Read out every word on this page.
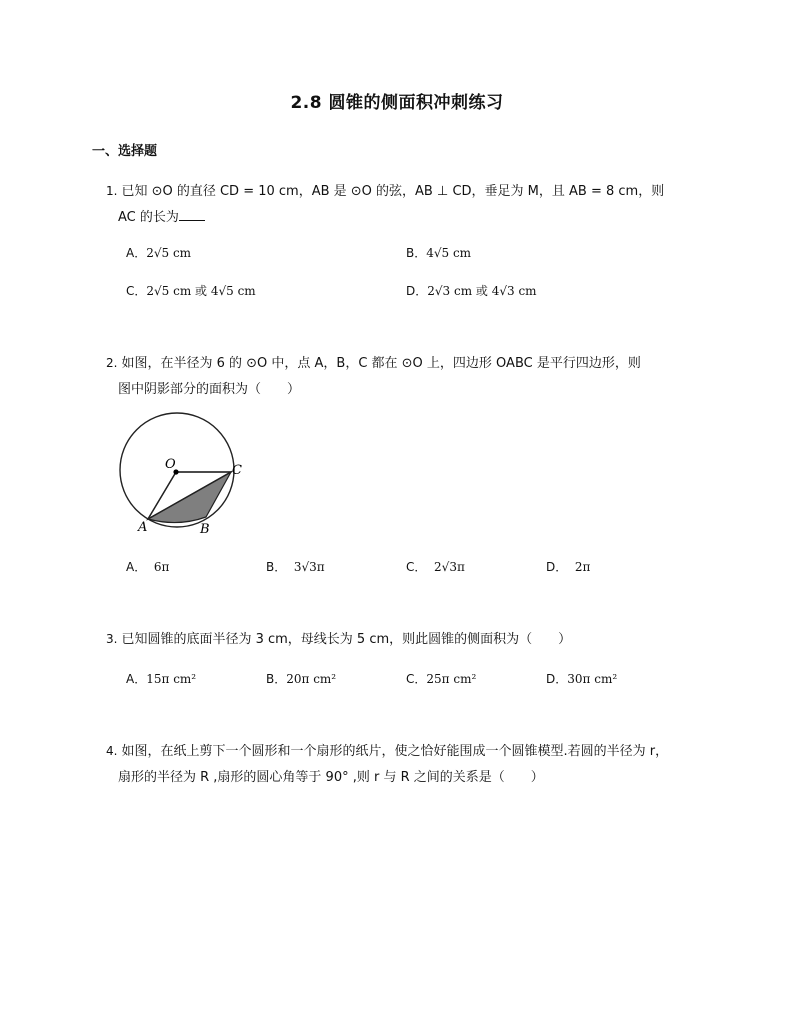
2.8 圆锥的侧面积冲刺练习
一、选择题
1. 已知 ⊙O 的直径 CD = 10 cm，AB 是 ⊙O 的弦，AB ⊥ CD，垂足为 M，且 AB = 8 cm，则
AC 的长为
A．2√5 cm	B．4√5 cm
C．2√5 cm 或 4√5 cm	D．2√3 cm 或 4√3 cm
2. 如图，在半径为 6 的 ⊙O 中，点 A，B，C 都在 ⊙O 上，四边形 OABC 是平行四边形，则
图中阴影部分的面积为（　　）
O	C
A	B
A． 6π	B． 3√3π	C． 2√3π	D． 2π
3. 已知圆锥的底面半径为 3 cm，母线长为 5 cm，则此圆锥的侧面积为（　　）
A．15π cm²	B．20π cm²	C．25π cm²	D．30π cm²
4. 如图，在纸上剪下一个圆形和一个扇形的纸片，使之恰好能围成一个圆锥模型.若圆的半径为 r，
扇形的半径为 R ,扇形的圆心角等于 90° ,则 r 与 R 之间的关系是（　　）
